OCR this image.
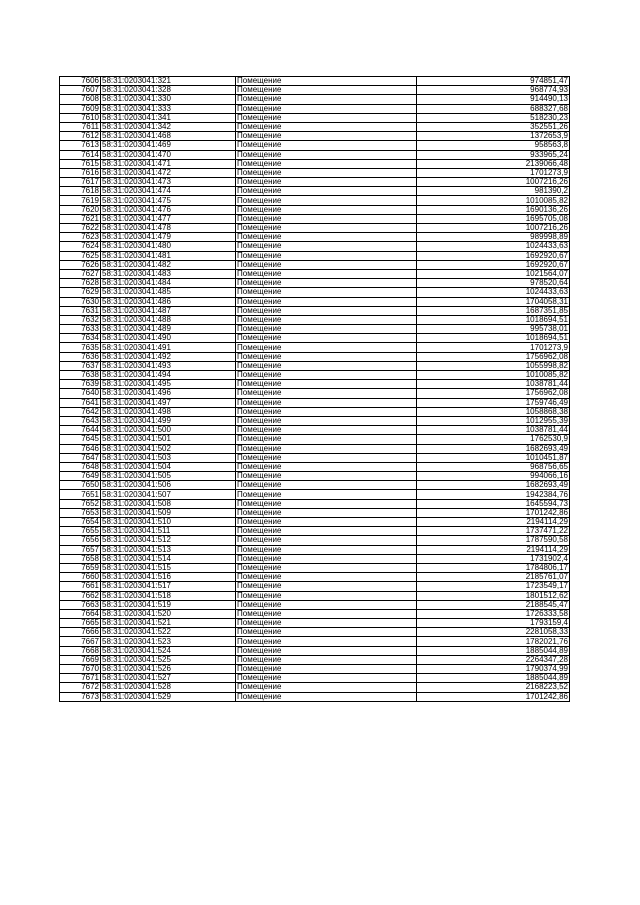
7606	58:31:0203041:321	Помещение	974851,47
7607	58:31:0203041:328	Помещение	968774,93
7608	58:31:0203041:330	Помещение	914490,13
7609	58:31:0203041:333	Помещение	688327,68
7610	58:31:0203041:341	Помещение	518230,23
7611	58:31:0203041:342	Помещение	352551,26
7612	58:31:0203041:468	Помещение	1372653,9
7613	58:31:0203041:469	Помещение	958563,8
7614	58:31:0203041:470	Помещение	933965,24
7615	58:31:0203041:471	Помещение	2139066,48
7616	58:31:0203041:472	Помещение	1701273,9
7617	58:31:0203041:473	Помещение	1007216,26
7618	58:31:0203041:474	Помещение	981390,2
7619	58:31:0203041:475	Помещение	1010085,82
7620	58:31:0203041:476	Помещение	1690136,26
7621	58:31:0203041:477	Помещение	1695705,08
7622	58:31:0203041:478	Помещение	1007216,26
7623	58:31:0203041:479	Помещение	989998,89
7624	58:31:0203041:480	Помещение	1024433,63
7625	58:31:0203041:481	Помещение	1692920,67
7626	58:31:0203041:482	Помещение	1692920,67
7627	58:31:0203041:483	Помещение	1021564,07
7628	58:31:0203041:484	Помещение	978520,64
7629	58:31:0203041:485	Помещение	1024433,63
7630	58:31:0203041:486	Помещение	1704058,31
7631	58:31:0203041:487	Помещение	1687351,85
7632	58:31:0203041:488	Помещение	1018694,51
7633	58:31:0203041:489	Помещение	995738,01
7634	58:31:0203041:490	Помещение	1018694,51
7635	58:31:0203041:491	Помещение	1701273,9
7636	58:31:0203041:492	Помещение	1756962,08
7637	58:31:0203041:493	Помещение	1055998,82
7638	58:31:0203041:494	Помещение	1010085,82
7639	58:31:0203041:495	Помещение	1038781,44
7640	58:31:0203041:496	Помещение	1756962,08
7641	58:31:0203041:497	Помещение	1759746,49
7642	58:31:0203041:498	Помещение	1058868,38
7643	58:31:0203041:499	Помещение	1012955,39
7644	58:31:0203041:500	Помещение	1038781,44
7645	58:31:0203041:501	Помещение	1762530,9
7646	58:31:0203041:502	Помещение	1682693,49
7647	58:31:0203041:503	Помещение	1010451,87
7648	58:31:0203041:504	Помещение	968756,65
7649	58:31:0203041:505	Помещение	994066,16
7650	58:31:0203041:506	Помещение	1682693,49
7651	58:31:0203041:507	Помещение	1942384,76
7652	58:31:0203041:508	Помещение	1645594,73
7653	58:31:0203041:509	Помещение	1701242,86
7654	58:31:0203041:510	Помещение	2194114,29
7655	58:31:0203041:511	Помещение	1737471,22
7656	58:31:0203041:512	Помещение	1787590,58
7657	58:31:0203041:513	Помещение	2194114,29
7658	58:31:0203041:514	Помещение	1731902,4
7659	58:31:0203041:515	Помещение	1784806,17
7660	58:31:0203041:516	Помещение	2185761,07
7661	58:31:0203041:517	Помещение	1723549,17
7662	58:31:0203041:518	Помещение	1801512,62
7663	58:31:0203041:519	Помещение	2188545,47
7664	58:31:0203041:520	Помещение	1726333,58
7665	58:31:0203041:521	Помещение	1793159,4
7666	58:31:0203041:522	Помещение	2281058,33
7667	58:31:0203041:523	Помещение	1782021,76
7668	58:31:0203041:524	Помещение	1885044,89
7669	58:31:0203041:525	Помещение	2264347,28
7670	58:31:0203041:526	Помещение	1790374,99
7671	58:31:0203041:527	Помещение	1885044,89
7672	58:31:0203041:528	Помещение	2168223,52
7673	58:31:0203041:529	Помещение	1701242,86
